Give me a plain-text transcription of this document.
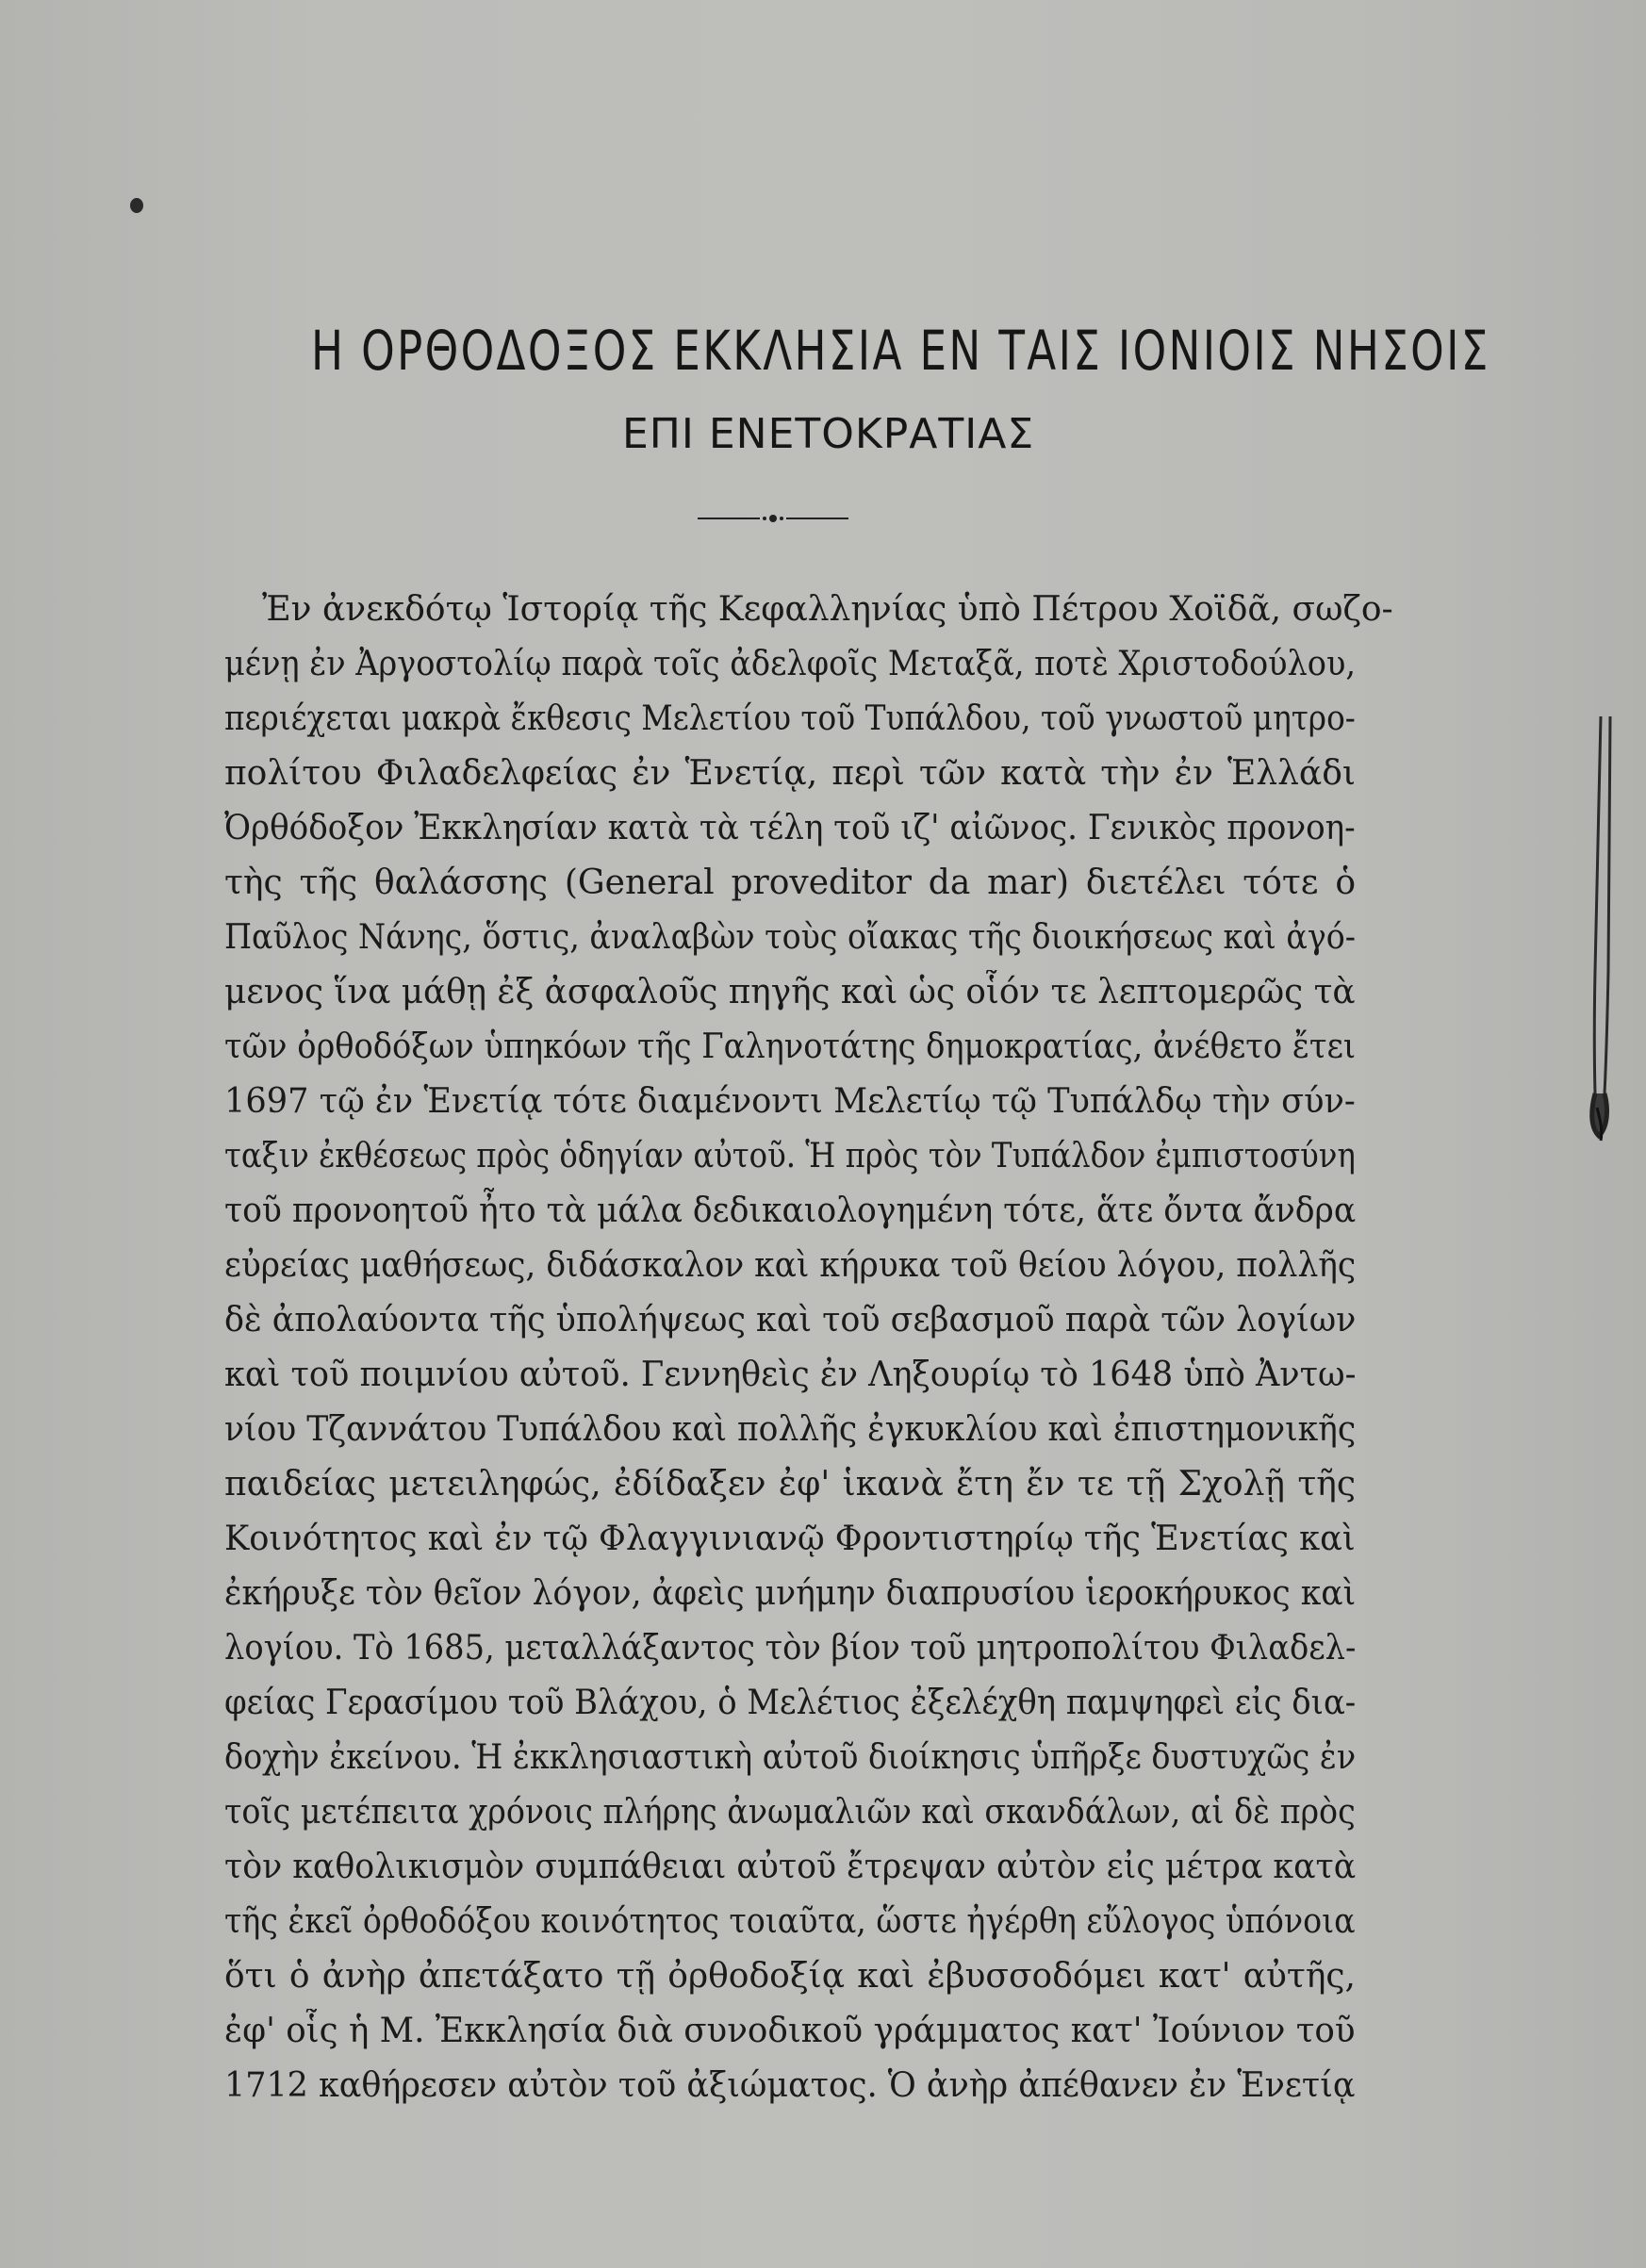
Η ΟΡΘΟΔΟΞΟΣ ΕΚΚΛΗΣΙΑ ΕΝ ΤΑΙΣ ΙΟΝΙΟΙΣ ΝΗΣΟΙΣ
ΕΠΙ ΕΝΕΤΟΚΡΑΤΙΑΣ
Ἐν ἀνεκδότῳ Ἱστορίᾳ τῆς Κεφαλληνίας ὑπὸ Πέτρου Χοϊδᾶ, σωζο-
μένῃ ἐν Ἀργοστολίῳ παρὰ τοῖς ἀδελφοῖς Μεταξᾶ, ποτὲ Χριστοδούλου,
περιέχεται μακρὰ ἔκθεσις Μελετίου τοῦ Τυπάλδου, τοῦ γνωστοῦ μητρο-
πολίτου Φιλαδελφείας ἐν Ἑνετίᾳ, περὶ τῶν κατὰ τὴν ἐν Ἑλλάδι
Ὀρθόδοξον Ἐκκλησίαν κατὰ τὰ τέλη τοῦ ιζ' αἰῶνος. Γενικὸς προνοη-
τὴς τῆς θαλάσσης (General proveditor da mar) διετέλει τότε ὁ
Παῦλος Νάνης, ὅστις, ἀναλαβὼν τοὺς οἴακας τῆς διοικήσεως καὶ ἀγό-
μενος ἵνα μάθῃ ἐξ ἀσφαλοῦς πηγῆς καὶ ὡς οἷόν τε λεπτομερῶς τὰ
τῶν ὀρθοδόξων ὑπηκόων τῆς Γαληνοτάτης δημοκρατίας, ἀνέθετο ἔτει
1697 τῷ ἐν Ἑνετίᾳ τότε διαμένοντι Μελετίῳ τῷ Τυπάλδῳ τὴν σύν-
ταξιν ἐκθέσεως πρὸς ὁδηγίαν αὐτοῦ. Ἡ πρὸς τὸν Τυπάλδον ἐμπιστοσύνη
τοῦ προνοητοῦ ἦτο τὰ μάλα δεδικαιολογημένη τότε, ἅτε ὄντα ἄνδρα
εὐρείας μαθήσεως, διδάσκαλον καὶ κήρυκα τοῦ θείου λόγου, πολλῆς
δὲ ἀπολαύοντα τῆς ὑπολήψεως καὶ τοῦ σεβασμοῦ παρὰ τῶν λογίων
καὶ τοῦ ποιμνίου αὐτοῦ. Γεννηθεὶς ἐν Ληξουρίῳ τὸ 1648 ὑπὸ Ἀντω-
νίου Τζαννάτου Τυπάλδου καὶ πολλῆς ἐγκυκλίου καὶ ἐπιστημονικῆς
παιδείας μετειληφώς, ἐδίδαξεν ἐφ' ἱκανὰ ἔτη ἔν τε τῇ Σχολῇ τῆς
Κοινότητος καὶ ἐν τῷ Φλαγγινιανῷ Φροντιστηρίῳ τῆς Ἑνετίας καὶ
ἐκήρυξε τὸν θεῖον λόγον, ἀφεὶς μνήμην διαπρυσίου ἱεροκήρυκος καὶ
λογίου. Τὸ 1685, μεταλλάξαντος τὸν βίον τοῦ μητροπολίτου Φιλαδελ-
φείας Γερασίμου τοῦ Βλάχου, ὁ Μελέτιος ἐξελέχθη παμψηφεὶ εἰς δια-
δοχὴν ἐκείνου. Ἡ ἐκκλησιαστικὴ αὐτοῦ διοίκησις ὑπῆρξε δυστυχῶς ἐν
τοῖς μετέπειτα χρόνοις πλήρης ἀνωμαλιῶν καὶ σκανδάλων, αἱ δὲ πρὸς
τὸν καθολικισμὸν συμπάθειαι αὐτοῦ ἔτρεψαν αὐτὸν εἰς μέτρα κατὰ
τῆς ἐκεῖ ὀρθοδόξου κοινότητος τοιαῦτα, ὥστε ἠγέρθη εὔλογος ὑπόνοια
ὅτι ὁ ἀνὴρ ἀπετάξατο τῇ ὀρθοδοξίᾳ καὶ ἐβυσσοδόμει κατ' αὐτῆς,
ἐφ' οἷς ἡ Μ. Ἐκκλησία διὰ συνοδικοῦ γράμματος κατ' Ἰούνιον τοῦ
1712 καθήρεσεν αὐτὸν τοῦ ἀξιώματος. Ὁ ἀνὴρ ἀπέθανεν ἐν Ἑνετίᾳ
